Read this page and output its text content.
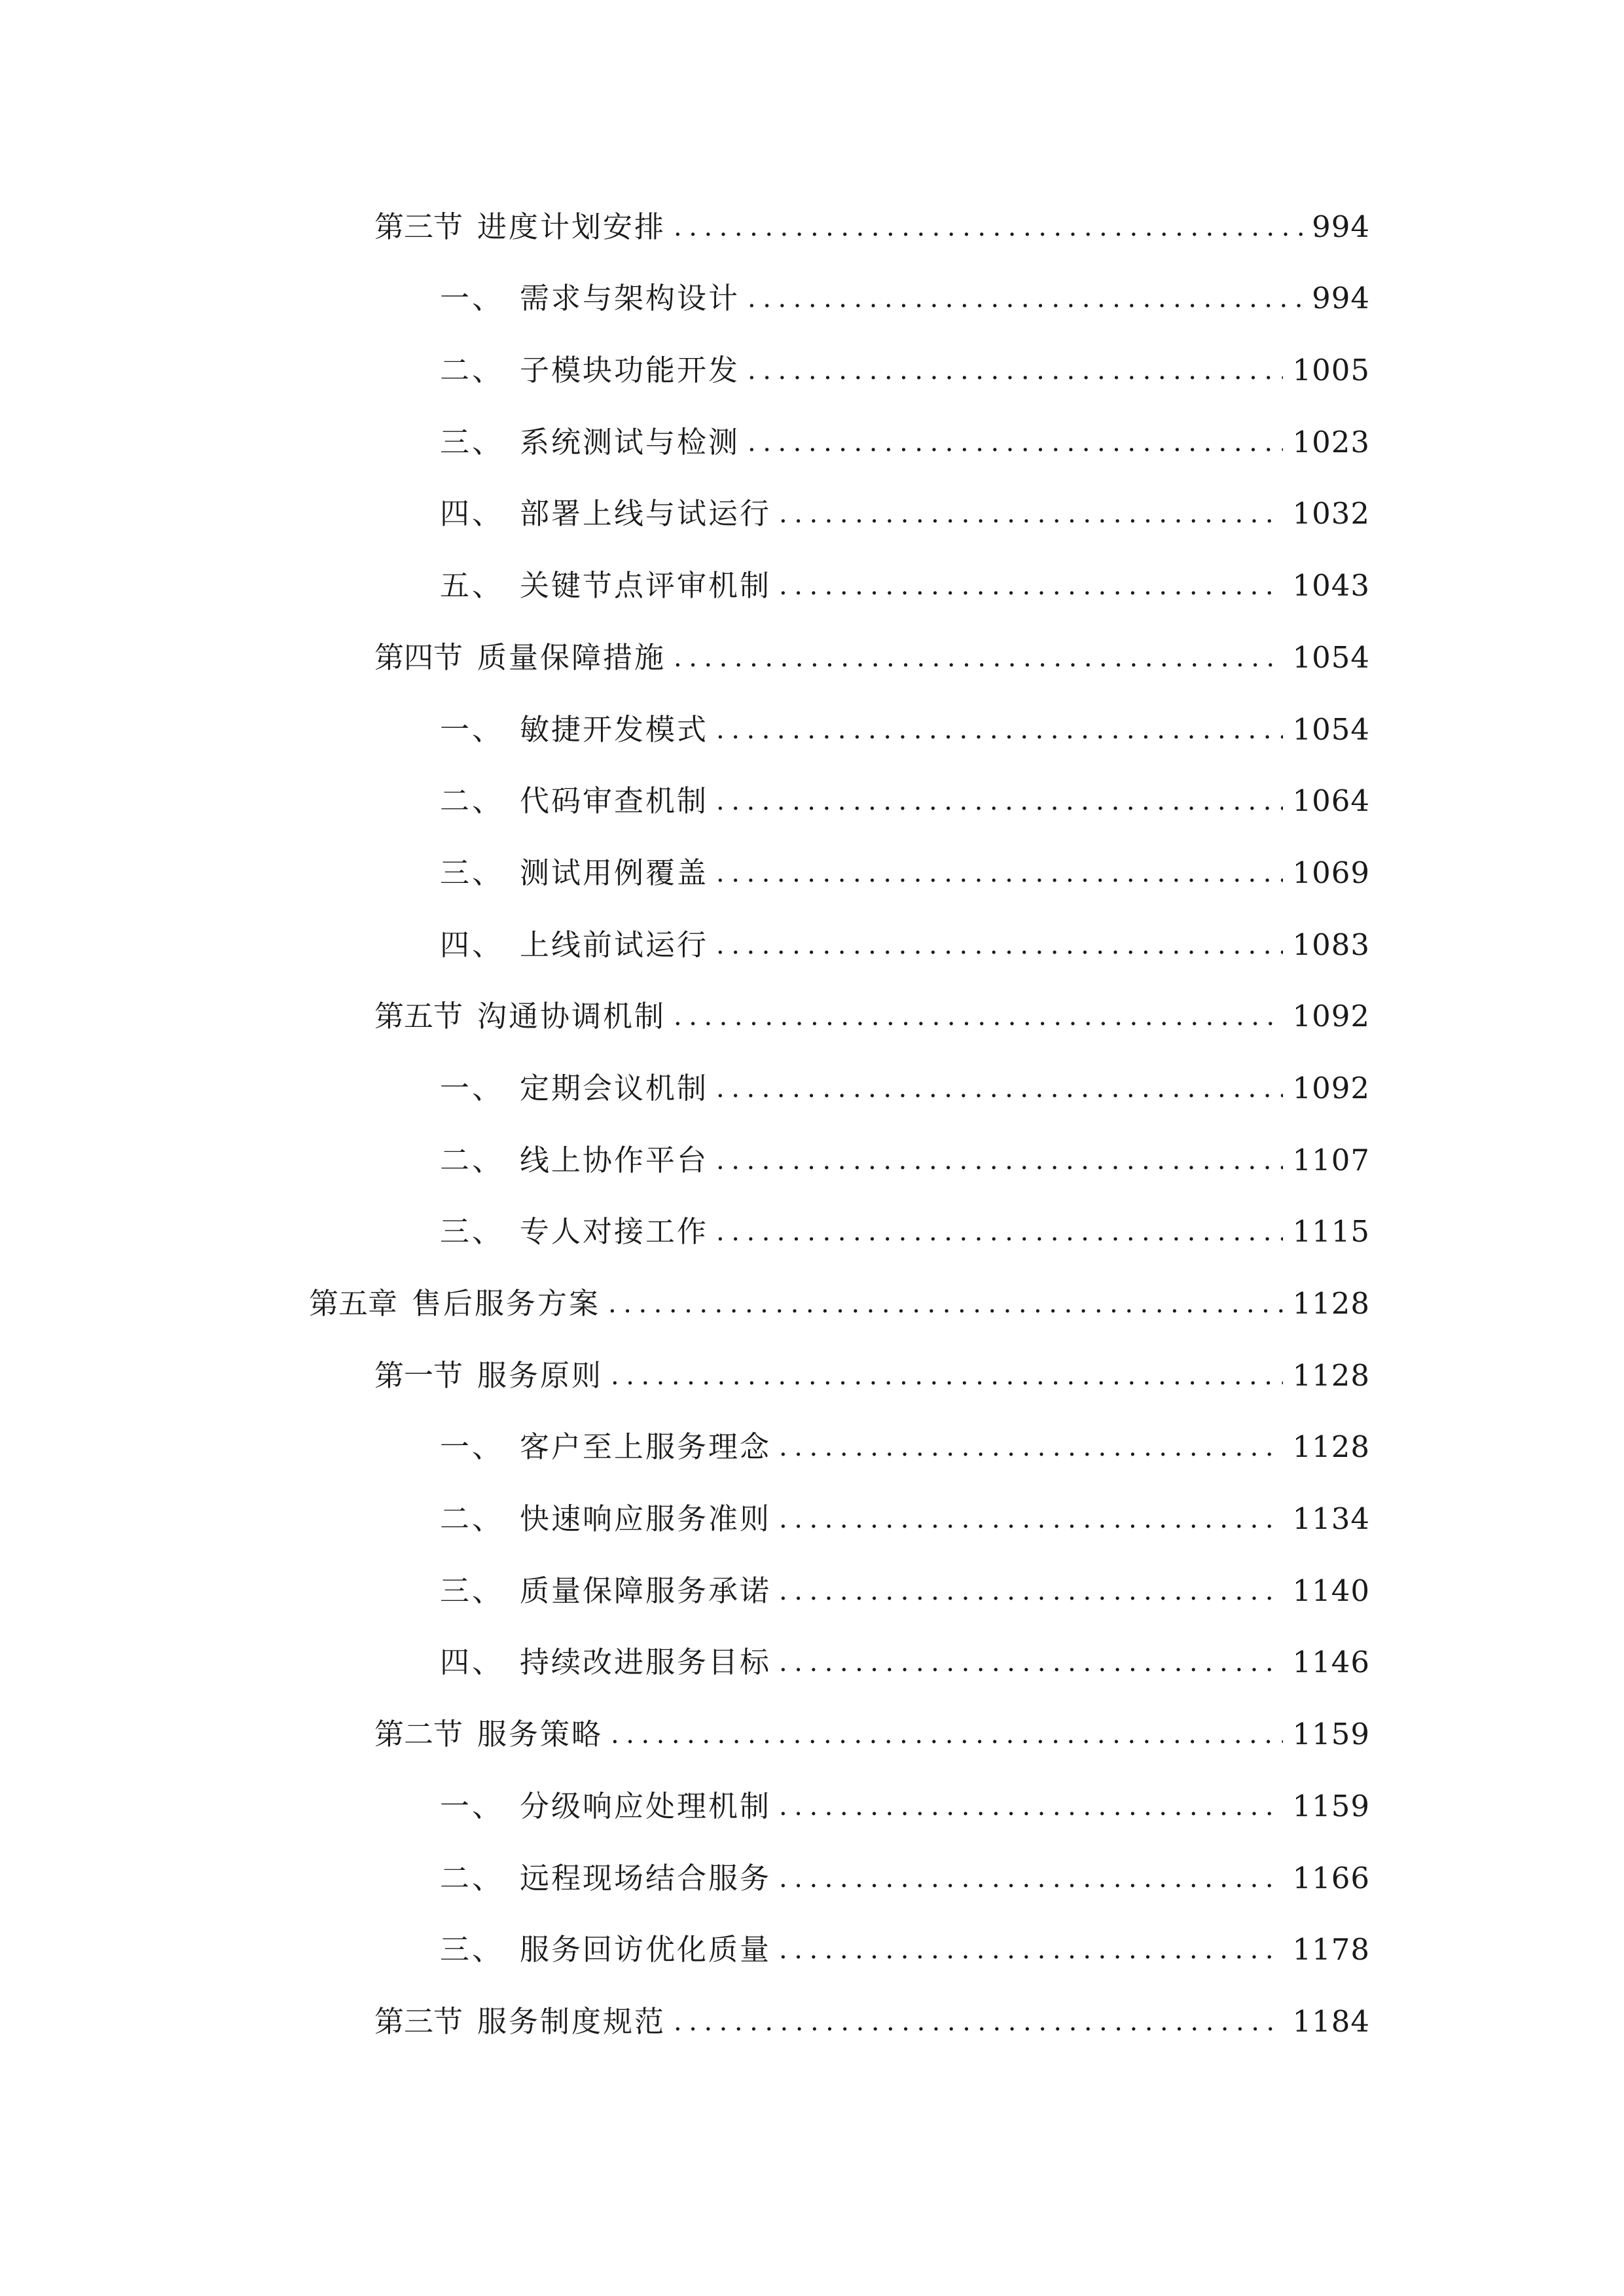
第三节 进度计划安排 .....	994
一、 需求与架构设计 .....	994
二、 子模块功能开发 .....	1005
三、 系统测试与检测 .....	1023
四、 部署上线与试运行 .....	1032
五、 关键节点评审机制 .....	1043
第四节 质量保障措施 .....	1054
一、 敏捷开发模式 .....	1054
二、 代码审查机制 .....	1064
三、 测试用例覆盖 .....	1069
四、 上线前试运行 .....	1083
第五节 沟通协调机制 .....	1092
一、 定期会议机制 .....	1092
二、 线上协作平台 .....	1107
三、 专人对接工作 .....	1115
第五章 售后服务方案 .....	1128
第一节 服务原则 .....	1128
一、 客户至上服务理念 .....	1128
二、 快速响应服务准则 .....	1134
三、 质量保障服务承诺 .....	1140
四、 持续改进服务目标 .....	1146
第二节 服务策略 .....	1159
一、 分级响应处理机制 .....	1159
二、 远程现场结合服务 .....	1166
三、 服务回访优化质量 .....	1178
第三节 服务制度规范 .....	1184
